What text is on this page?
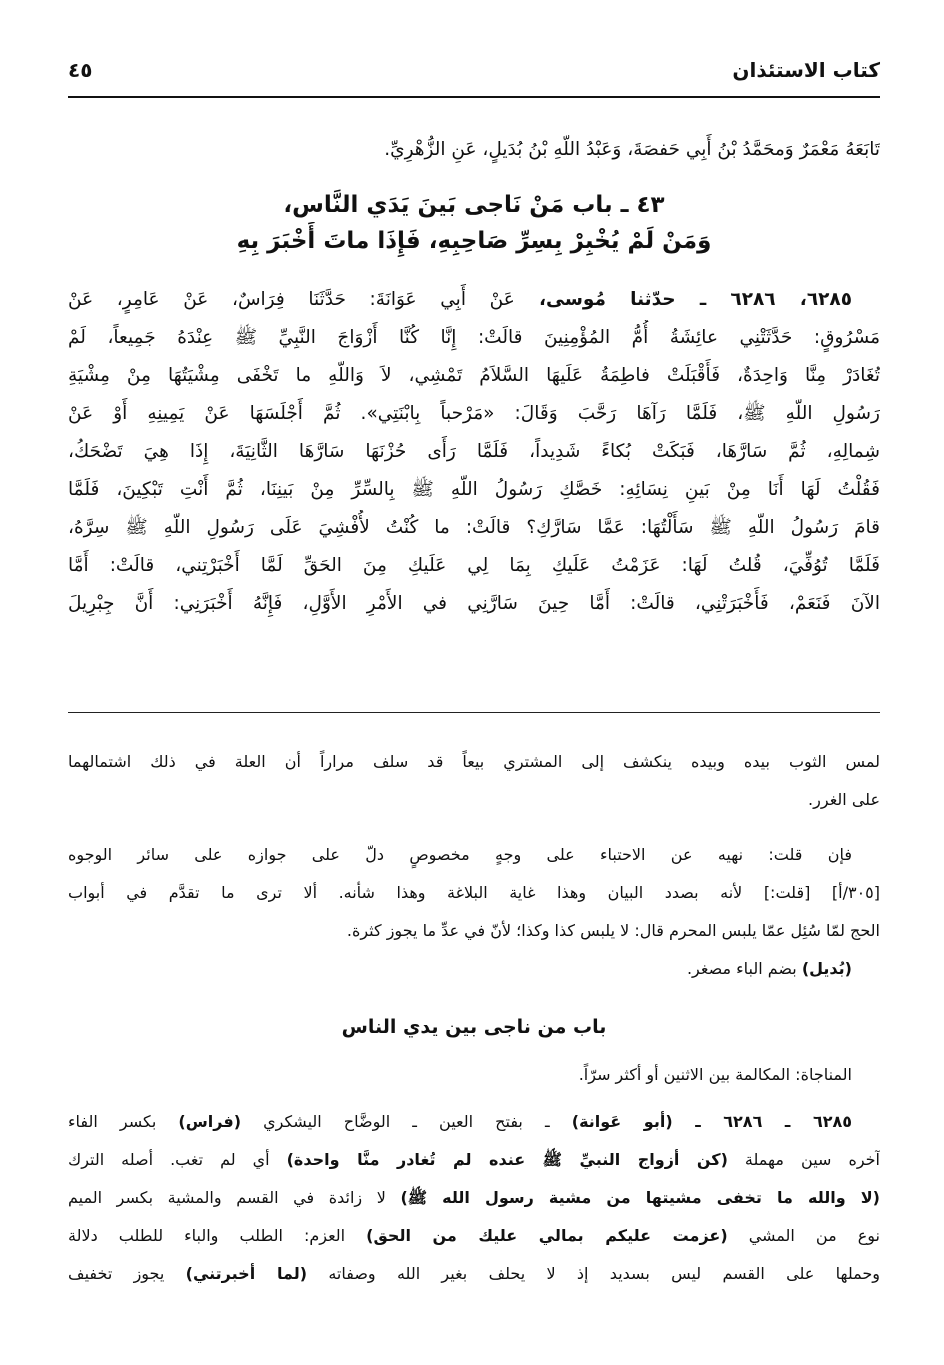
كتاب الاستئذان
٤٥
تَابَعَهُ مَعْمَرٌ وَمحَمَّدُ بْنُ أَبِي حَفصَةَ، وَعَبْدُ اللّهِ بْنُ بُدَيلٍ، عَنِ الزُّهْرِيِّ.
٤٣ ـ باب مَنْ نَاجى بَينَ يَدَي النَّاس،
وَمَنْ لَمْ يُخْبِرْ بِسِرِّ صَاحِبِهِ، فَإِذَا ماتَ أَخْبَرَ بِهِ
٦٢٨٥، ٦٢٨٦ ـ حدّثنا مُوسى، عَنْ أَبِي عَوَانَةَ: حَدَّثَنَا فِرَاسٌ، عَنْ عَامِرٍ، عَنْ
مَسْرُوقٍ: حَدَّثَتْنِي عائِشَةُ أُمُّ المُؤْمِنِينَ قالَتْ: إِنَّا كُنَّا أَزْوَاجَ النَّبِيِّ ﷺ عِنْدَهُ جَمِيعاً، لَمْ
تُغَادَرْ مِنَّا وَاحِدَةٌ، فَأَقْبَلَتْ فاطِمَةُ عَلَيهَا السَّلاَمُ تَمْشِي، لاَ وَاللّهِ ما تَخْفَى مِشْيَتُهَا مِنْ مِشْيَةِ
رَسُولِ اللّهِ ﷺ، فَلَمَّا رَآهَا رَحَّبَ وَقَالَ: «مَرْحباً بِابْنَتِي». ثُمَّ أَجْلَسَهَا عَنْ يَمِينِهِ أَوْ عَنْ
شِمالِهِ، ثُمَّ سَارَّهَا، فَبَكَتْ بُكاءً شَدِيداً، فَلَمَّا رَأَى حُزْنَهَا سَارَّهَا الثَّانِيَةَ، إِذَا هِيَ تَضْحَكُ،
فَقُلْتُ لَهَا أَنَا مِنْ بَينِ نِسَائِهِ: خَصَّكِ رَسُولُ اللّهِ ﷺ بِالسِّرِّ مِنْ بَينِنَا، ثُمَّ أَنْتِ تَبْكِينَ، فَلَمَّا
قامَ رَسُولُ اللّهِ ﷺ سَأَلْتُهَا: عَمَّا سَارَّكِ؟ قالَتْ: ما كُنْتُ لأُفْشِيَ عَلَى رَسُولِ اللّهِ ﷺ سِرَّهُ،
فَلَمَّا تُوُفِّيَ، قُلتُ لَهَا: عَزَمْتُ عَلَيكِ بِمَا لِي عَلَيكِ مِنَ الحَقِّ لَمَّا أَخْبَرْتِني، قالَتْ: أَمَّا
الآنَ فَنَعَمْ، فَأَخْبَرَتْنِي، قالَتْ: أَمَّا حِينَ سَارَّنِي في الأَمْرِ الأَوَّلِ، فَإِنَّهُ أَخْبَرَنِي: أَنَّ جِبْرِيلَ
لمس الثوب بيده وبيده ينكشف إلى المشتري بيعاً قد سلف مراراً أن العلة في ذلك اشتمالهما
على الغرر.
فإن قلت: نهيه عن الاحتباء على وجهٍ مخصوصٍ دلّ على جوازه على سائر الوجوه
[٣٠٥/أ] [قلت:] لأنه بصدد البيان وهذا غاية البلاغة وهذا شأنه. ألا ترى ما تقدَّم في أبواب
الحج لمّا سُئِل عمّا يلبس المحرم قال: لا يلبس كذا وكذا؛ لأنّ في عدِّ ما يجوز كثرة.
(بُديل) بضم الباء مصغر.
باب من ناجى بين يدي الناس
المناجاة: المكالمة بين الاثنين أو أكثر سرّاً.
٦٢٨٥ ـ ٦٢٨٦ ـ (أبو عَوانة) ـ بفتح العين ـ الوضَّاح اليشكري (فراس) بكسر الفاء
آخره سين مهملة (كن أزواج النبيِّ ﷺ عنده لم تُغادر منَّا واحدة) أي لم تغب. أصله الترك
(لا والله ما تخفى مشيتها من مشية رسول الله ﷺ) لا زائدة في القسم والمشية بكسر الميم
نوع من المشي (عزمت عليكم بمالي عليك من الحق) العزم: الطلب والباء للطلب دلالة
وحملها على القسم ليس بسديد إذ لا يحلف بغير الله وصفاته (لما أخبرتني) يجوز تخفيف
